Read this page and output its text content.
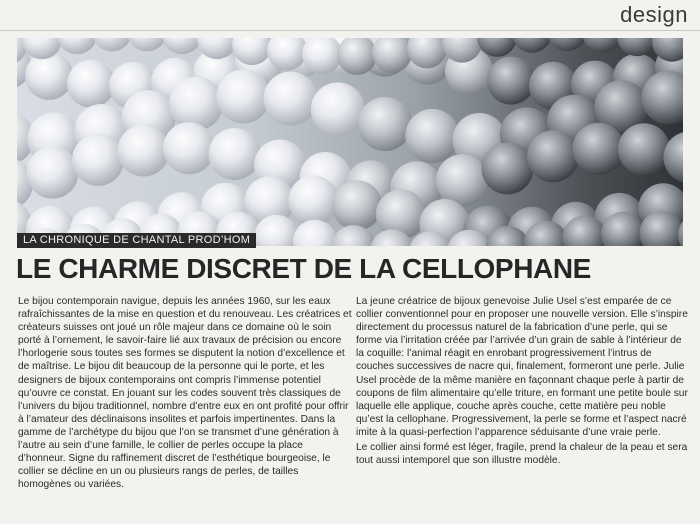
design
LA CHRONIQUE DE CHANTAL PROD’HOM
LE CHARME DISCRET DE LA CELLOPHANE

Le bijou contemporain navigue, depuis les années 1960, sur les eaux rafraîchissantes de la mise en question et du renouveau. Les créatrices et créateurs suisses ont joué un rôle majeur dans ce domaine où le soin porté à l’ornement, le savoir-faire lié aux travaux de précision ou encore l’horlogerie sous toutes ses formes se disputent la notion d’excellence et de maîtrise. Le bijou dit beaucoup de la personne qui le porte, et les designers de bijoux contemporains ont compris l’immense potentiel qu’ouvre ce constat. En jouant sur les codes souvent très classiques de l’univers du bijou traditionnel, nombre d’entre eux en ont profité pour offrir à l’amateur des déclinaisons insolites et parfois impertinentes. Dans la gamme de l’archétype du bijou que l’on se transmet d’une génération à l’autre au sein d’une famille, le collier de perles occupe la place d’honneur. Signe du raffinement discret de l’esthétique bourgeoise, le collier se décline en un ou plusieurs rangs de perles, de tailles homogènes ou variées.

La jeune créatrice de bijoux genevoise Julie Usel s’est emparée de ce collier conventionnel pour en proposer une nouvelle version. Elle s’inspire directement du processus naturel de la fabrication d’une perle, qui se forme via l’irritation créée par l’arrivée d’un grain de sable à l’intérieur de la coquille: l’animal réagit en enrobant progressivement l’intrus de couches successives de nacre qui, finalement, formeront une perle. Julie Usel procède de la même manière en façonnant chaque perle à partir de coupons de film alimentaire qu’elle triture, en formant une petite boule sur laquelle elle applique, couche après couche, cette matière peu noble qu’est la cellophane. Progressivement, la perle se forme et l’aspect nacré imite à la quasi-perfection l’apparence séduisante d’une vraie perle.

Le collier ainsi formé est léger, fragile, prend la chaleur de la peau et sera tout aussi intemporel que son illustre modèle.
